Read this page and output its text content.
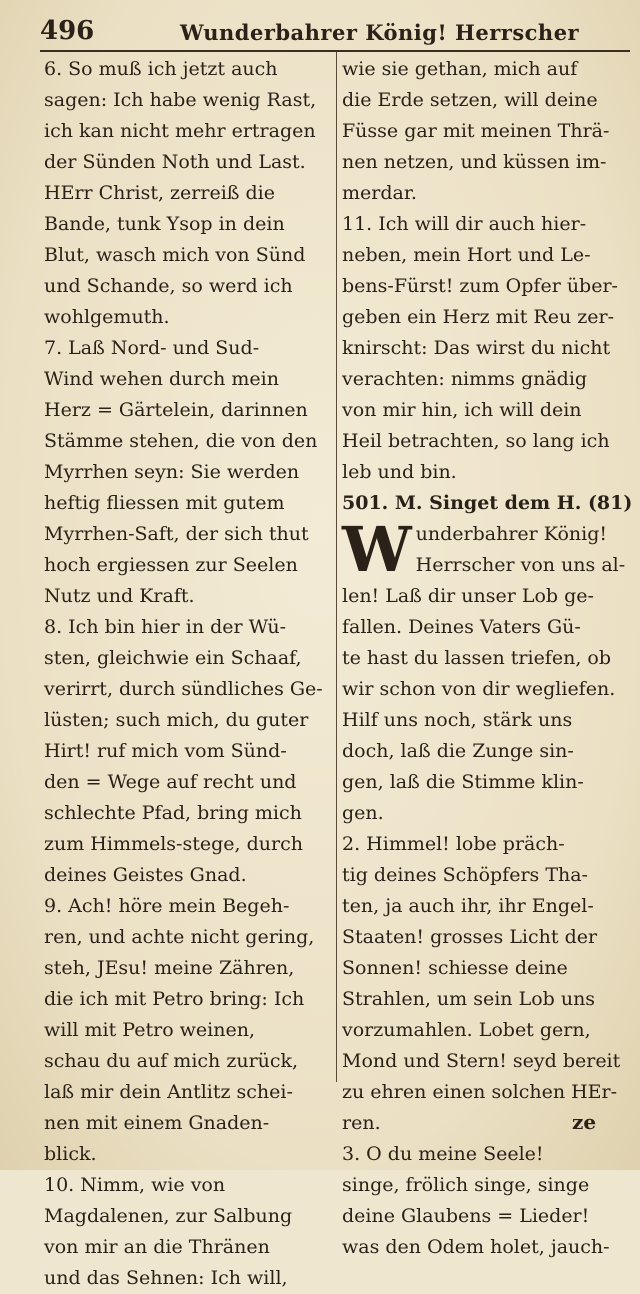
496	Wunderbahrer König! Herrscher
6. So muß ich jetzt auch
sagen: Ich habe wenig Rast,
ich kan nicht mehr ertragen
der Sünden Noth und Last.
HErr Christ, zerreiß die
Bande, tunk Ysop in dein
Blut, wasch mich von Sünd
und Schande, so werd ich
wohlgemuth.
7. Laß Nord- und Sud-
Wind wehen durch mein
Herz = Gärtelein, darinnen
Stämme stehen, die von den
Myrrhen seyn: Sie werden
heftig fliessen mit gutem
Myrrhen-Saft, der sich thut
hoch ergiessen zur Seelen
Nutz und Kraft.
8. Ich bin hier in der Wü-
sten, gleichwie ein Schaaf,
verirrt, durch sündliches Ge-
lüsten; such mich, du guter
Hirt! ruf mich vom Sünd-
den = Wege auf recht und
schlechte Pfad, bring mich
zum Himmels-stege, durch
deines Geistes Gnad.
9. Ach! höre mein Begeh-
ren, und achte nicht gering,
steh, JEsu! meine Zähren,
die ich mit Petro bring: Ich
will mit Petro weinen,
schau du auf mich zurück,
laß mir dein Antlitz schei-
nen mit einem Gnaden-
blick.
10. Nimm, wie von
Magdalenen, zur Salbung
von mir an die Thränen
und das Sehnen: Ich will,
wie sie gethan, mich auf
die Erde setzen, will deine
Füsse gar mit meinen Thrä-
nen netzen, und küssen im-
merdar.
11. Ich will dir auch hier-
neben, mein Hort und Le-
bens-Fürst! zum Opfer über-
geben ein Herz mit Reu zer-
knirscht: Das wirst du nicht
verachten: nimms gnädig
von mir hin, ich will dein
Heil betrachten, so lang ich
leb und bin.
501. M. Singet dem H. (81)
W underbahrer König!
Herrscher von uns al-
len! Laß dir unser Lob ge-
fallen. Deines Vaters Gü-
te hast du lassen triefen, ob
wir schon von dir wegliefen.
Hilf uns noch, stärk uns
doch, laß die Zunge sin-
gen, laß die Stimme klin-
gen.
2. Himmel! lobe präch-
tig deines Schöpfers Tha-
ten, ja auch ihr, ihr Engel-
Staaten! grosses Licht der
Sonnen! schiesse deine
Strahlen, um sein Lob uns
vorzumahlen. Lobet gern,
Mond und Stern! seyd bereit
zu ehren einen solchen HEr-
ren.
3. O du meine Seele!
singe, frölich singe, singe
deine Glaubens = Lieder!
was den Odem holet, jauch-
ze
